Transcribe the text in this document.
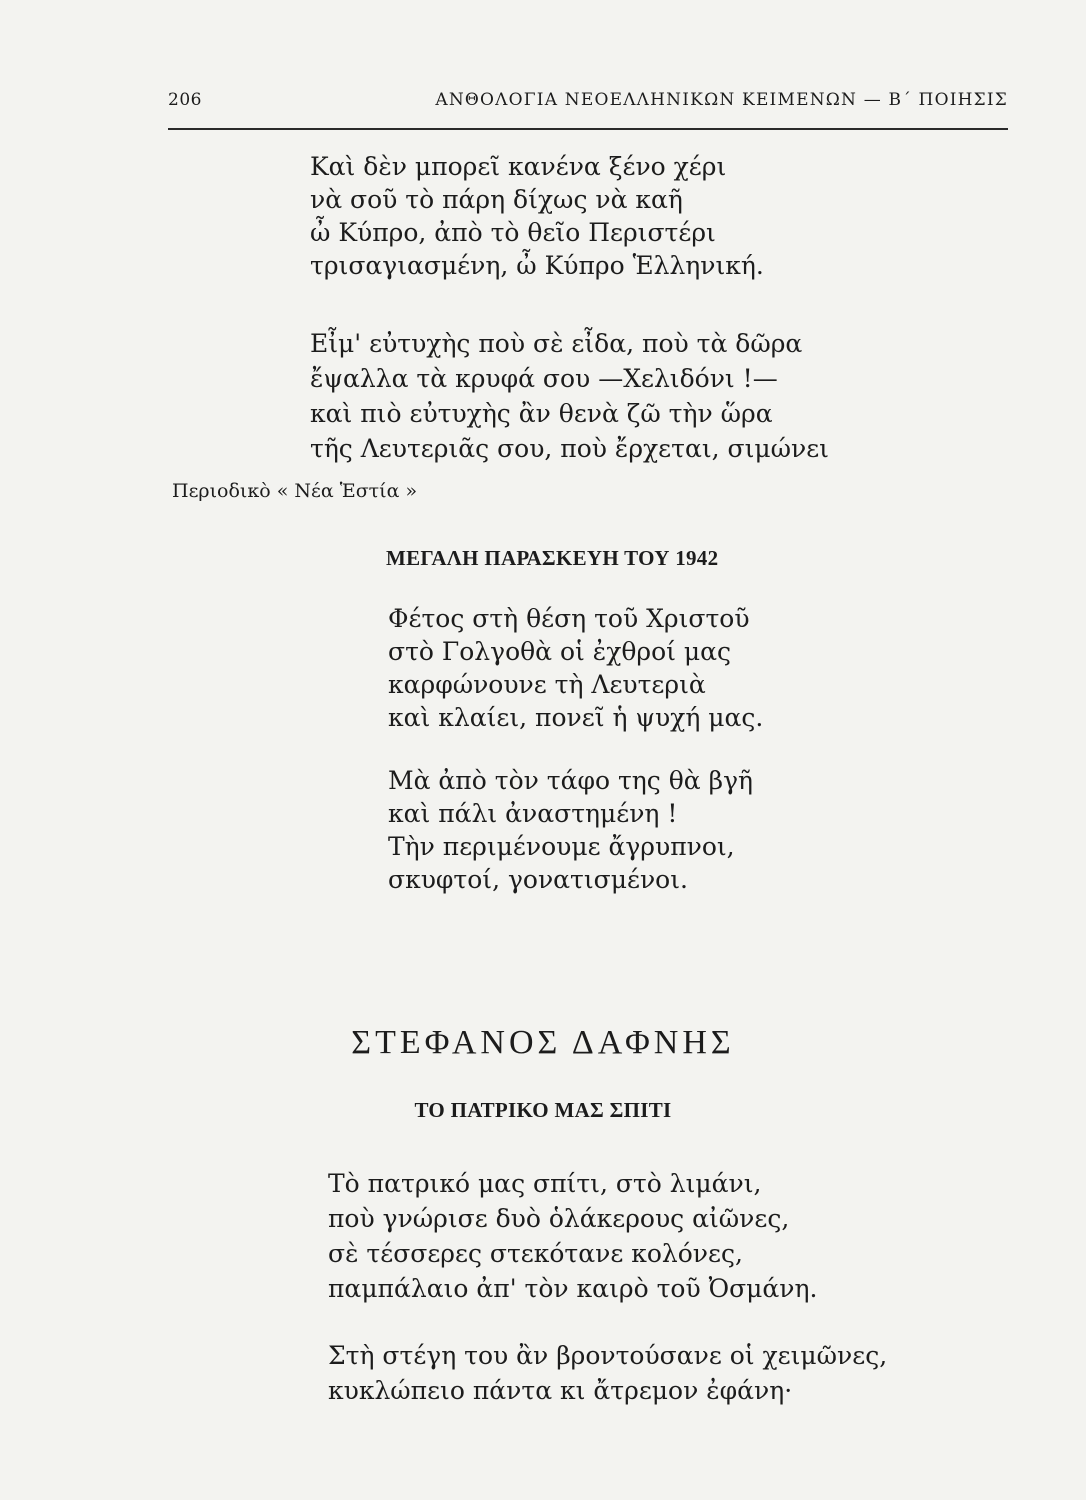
206	ΑΝΘΟΛΟΓΙΑ ΝΕΟΕΛΛΗΝΙΚΩΝ ΚΕΙΜΕΝΩΝ — Β΄ ΠΟΙΗΣΙΣ
Καὶ δὲν μπορεῖ κανένα ξένο χέρι
νὰ σοῦ τὸ πάρη δίχως νὰ καῆ
ὦ Κύπρο, ἀπὸ τὸ θεῖο Περιστέρι
τρισαγιασμένη, ὦ Κύπρο Ἑλληνική.
Εἶμ' εὐτυχὴς ποὺ σὲ εἶδα, ποὺ τὰ δῶρα
ἔψαλλα τὰ κρυφά σου —Χελιδόνι !—
καὶ πιὸ εὐτυχὴς ἂν θενὰ ζῶ τὴν ὥρα
τῆς Λευτεριᾶς σου, ποὺ ἔρχεται, σιμώνει
Περιοδικὸ « Νέα Ἑστία »
ΜΕΓΑΛΗ ΠΑΡΑΣΚΕΥΗ ΤΟΥ 1942
Φέτος στὴ θέση τοῦ Χριστοῦ
στὸ Γολγοθὰ οἱ ἐχθροί μας
καρφώνουνε τὴ Λευτεριὰ
καὶ κλαίει, πονεῖ ἡ ψυχή μας.
Μὰ ἀπὸ τὸν τάφο της θὰ βγῆ
καὶ πάλι ἀναστημένη !
Τὴν περιμένουμε ἄγρυπνοι,
σκυφτοί, γονατισμένοι.
ΣΤΕΦΑΝΟΣ ΔΑΦΝΗΣ
ΤΟ ΠΑΤΡΙΚΟ ΜΑΣ ΣΠΙΤΙ
Τὸ πατρικό μας σπίτι, στὸ λιμάνι,
ποὺ γνώρισε δυὸ ὁλάκερους αἰῶνες,
σὲ τέσσερες στεκότανε κολόνες,
παμπάλαιο ἀπ' τὸν καιρὸ τοῦ Ὀσμάνη.
Στὴ στέγη του ἂν βροντούσανε οἱ χειμῶνες,
κυκλώπειο πάντα κι ἄτρεμον ἐφάνη·
